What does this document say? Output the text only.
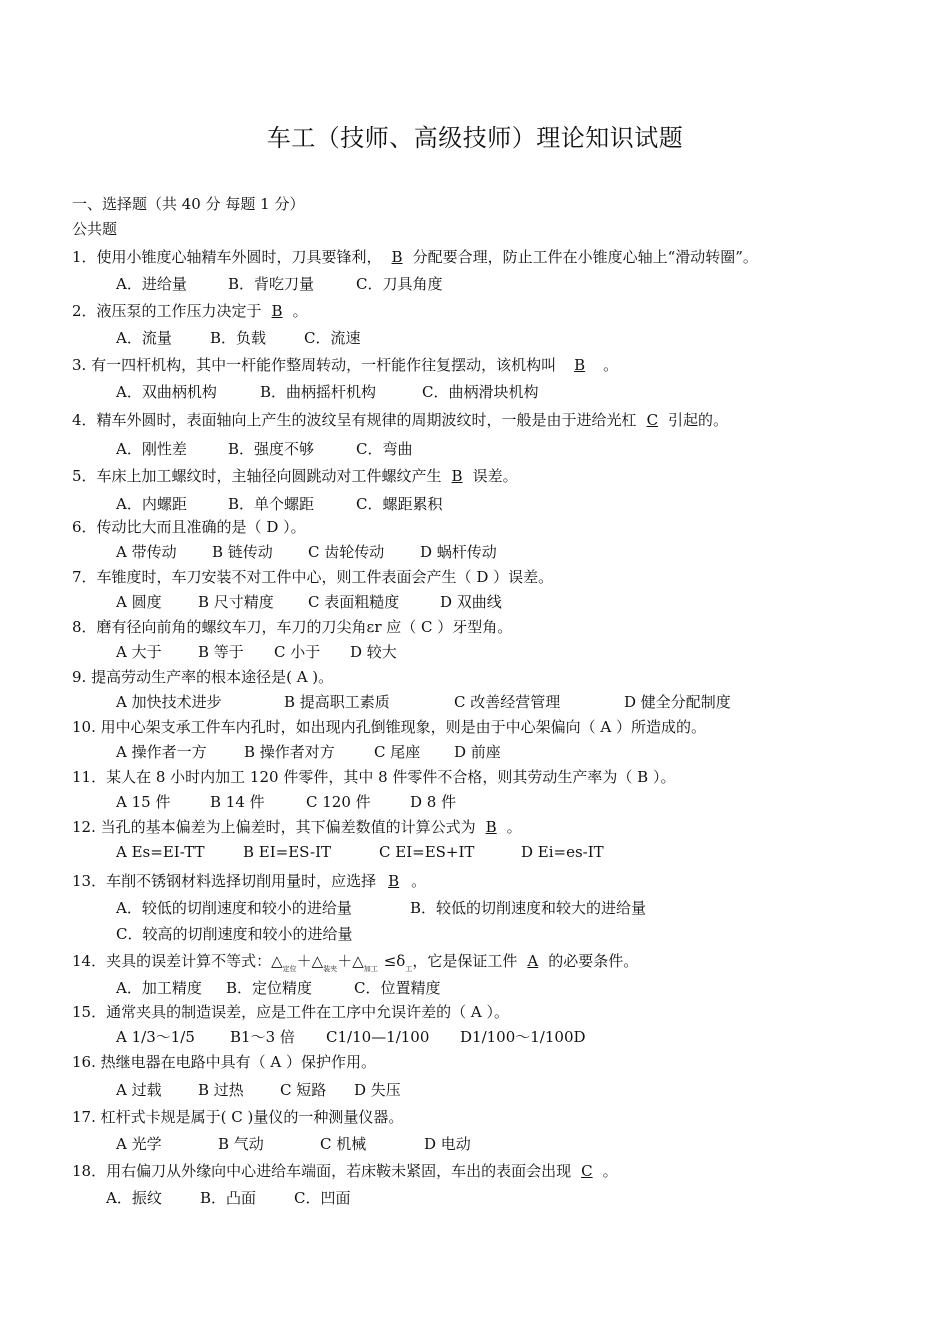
车工（技师、高级技师）理论知识试题
一、选择题（共 40 分 每题 1 分）
公共题
1．使用小锥度心轴精车外圆时，刀具要锋利， B 分配要合理，防止工件在小锥度心轴上“滑动转圈”。
A．进给量	B．背吃刀量	C．刀具角度
2．液压泵的工作压力决定于 B 。
A．流量	B．负载	C．流速
3. 有一四杆机构，其中一杆能作整周转动，一杆能作往复摆动，该机构叫 B 。
A．双曲柄机构	B．曲柄摇杆机构	C．曲柄滑块机构
4．精车外圆时，表面轴向上产生的波纹呈有规律的周期波纹时，一般是由于进给光杠 C 引起的。
A．刚性差	B．强度不够	C．弯曲
5．车床上加工螺纹时，主轴径向圆跳动对工件螺纹产生 B 误差。
A．内螺距	B．单个螺距	C．螺距累积
6．传动比大而且准确的是（ D ）。
A 带传动 B 链传动 C 齿轮传动 D 蜗杆传动
7．车锥度时，车刀安装不对工件中心，则工件表面会产生（ D ）误差。
A 圆度 B 尺寸精度 C 表面粗糙度	D 双曲线
8．磨有径向前角的螺纹车刀，车刀的刀尖角εr 应（ C ）牙型角。
A 大于 B 等于 C 小于 D 较大
9. 提高劳动生产率的根本途径是( A )。
A 加快技术进步	B 提高职工素质	C 改善经营管理	D 健全分配制度
10. 用中心架支承工件车内孔时，如出现内孔倒锥现象，则是由于中心架偏向（ A ）所造成的。
A 操作者一方 B 操作者对方	C 尾座 D 前座
11．某人在 8 小时内加工 120 件零件，其中 8 件零件不合格，则其劳动生产率为（ B ）。
A 15 件	B 14 件	C 120 件	D 8 件
12. 当孔的基本偏差为上偏差时，其下偏差数值的计算公式为 B 。
A Es=EI-TT	B EI=ES-IT	C EI=ES+IT	D Ei=es-IT
13．车削不锈钢材料选择切削用量时，应选择 B 。
A．较低的切削速度和较小的进给量	B．较低的切削速度和较大的进给量
C．较高的切削速度和较小的进给量
14．夹具的误差计算不等式：$\triangle_{定位}+\triangle_{装夹}+\triangle_{加工} \le\delta_工$，它是保证工件 A 的必要条件。
A．加工精度 B．定位精度	C．位置精度
15．通常夹具的制造误差，应是工件在工序中允误许差的（ A ）。
A 1/3～1/5 B1～3 倍 C1/10—1/100 D1/100～1/100D
16. 热继电器在电路中具有（ A ）保护作用。
A 过载 B 过热 C 短路 D 失压
17. 杠杆式卡规是属于( C )量仪的一种测量仪器。
A 光学	B 气动	C 机械	D 电动
18．用右偏刀从外缘向中心进给车端面，若床鞍未紧固，车出的表面会出现 C 。
A．振纹	B．凸面	C．凹面
